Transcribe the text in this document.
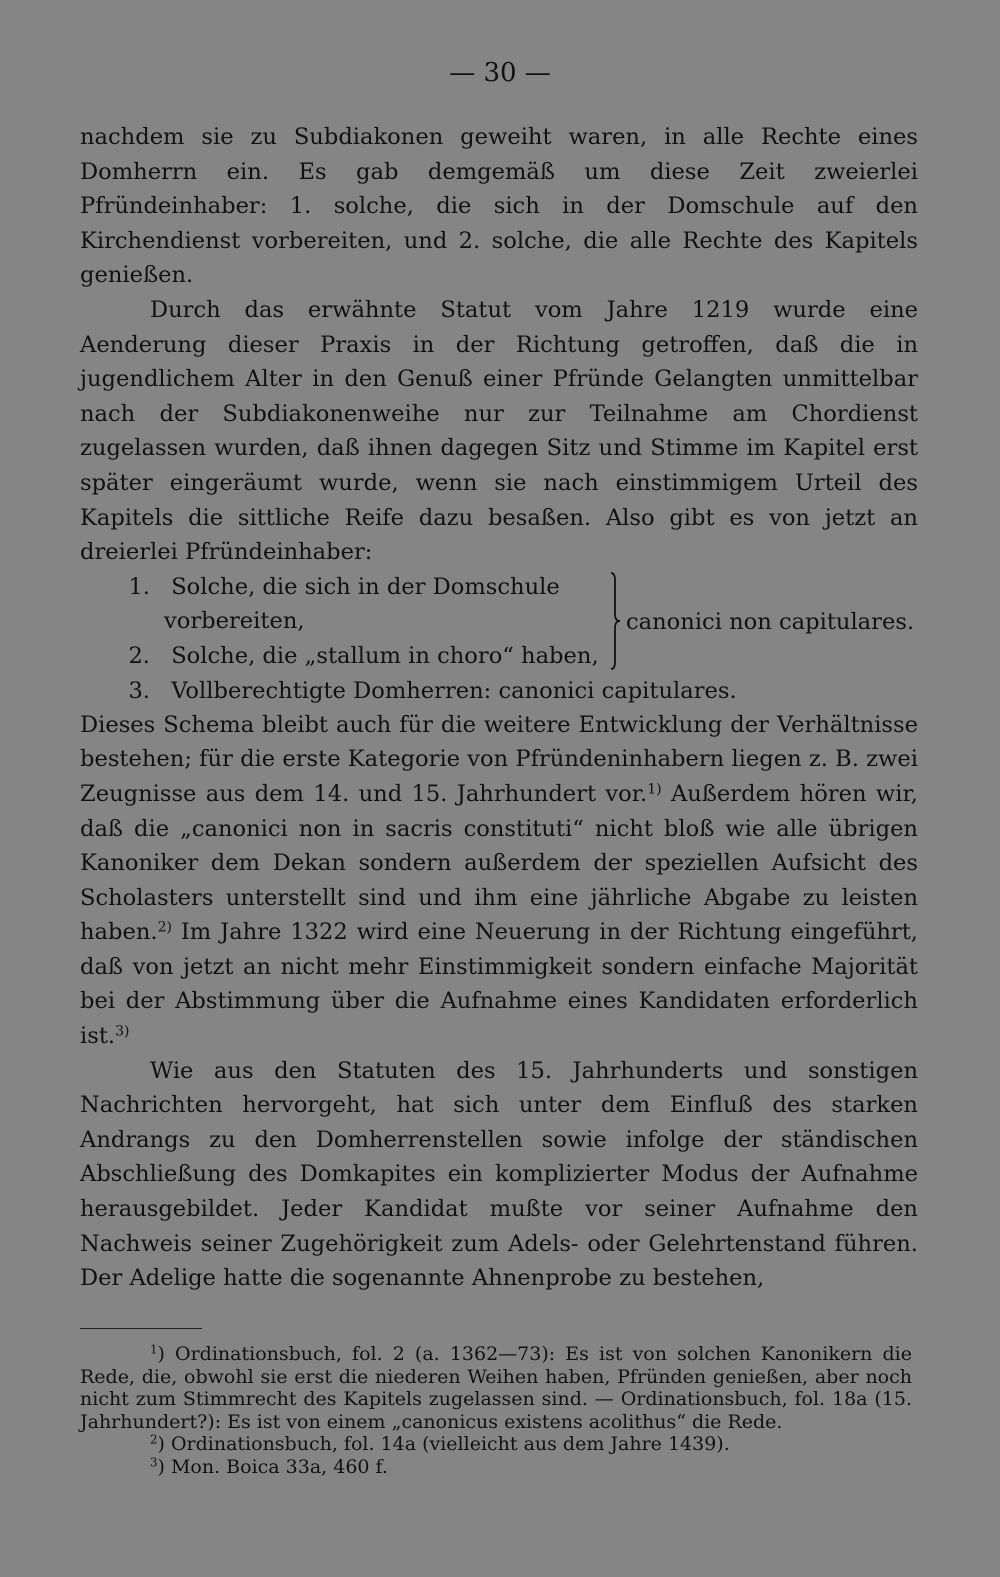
— 30 —

nachdem sie zu Subdiakonen geweiht waren, in alle Rechte eines Domherrn ein. Es gab demgemäß um diese Zeit zweierlei Pfründeinhaber: 1. solche, die sich in der Domschule auf den Kirchendienst vorbereiten, und 2. solche, die alle Rechte des Kapitels genießen.

Durch das erwähnte Statut vom Jahre 1219 wurde eine Aenderung dieser Praxis in der Richtung getroffen, daß die in jugendlichem Alter in den Genuß einer Pfründe Gelangten unmittelbar nach der Subdiakonenweihe nur zur Teilnahme am Chordienst zugelassen wurden, daß ihnen dagegen Sitz und Stimme im Kapitel erst später eingeräumt wurde, wenn sie nach einstimmigem Urteil des Kapitels die sittliche Reife dazu besaßen. Also gibt es von jetzt an dreierlei Pfründeinhaber:

1. Solche, die sich in der Domschule
vorbereiten,
2. Solche, die „stallum in choro“ haben,
canonici non capitulares.
3. Vollberechtigte Domherren: canonici capitulares.

Dieses Schema bleibt auch für die weitere Entwicklung der Verhältnisse bestehen; für die erste Kategorie von Pfründeninhabern liegen z. B. zwei Zeugnisse aus dem 14. und 15. Jahrhundert vor.$^{1)}$ Außerdem hören wir, daß die „canonici non in sacris constituti“ nicht bloß wie alle übrigen Kanoniker dem Dekan sondern außerdem der speziellen Aufsicht des Scholasters unterstellt sind und ihm eine jährliche Abgabe zu leisten haben.$^{2)}$ Im Jahre 1322 wird eine Neuerung in der Richtung eingeführt, daß von jetzt an nicht mehr Einstimmigkeit sondern einfache Majorität bei der Abstimmung über die Aufnahme eines Kandidaten erforderlich ist.$^{3)}$

Wie aus den Statuten des 15. Jahrhunderts und sonstigen Nachrichten hervorgeht, hat sich unter dem Einfluß des starken Andrangs zu den Domherrenstellen sowie infolge der ständischen Abschließung des Domkapites ein komplizierter Modus der Aufnahme herausgebildet. Jeder Kandidat mußte vor seiner Aufnahme den Nachweis seiner Zugehörigkeit zum Adels- oder Gelehrtenstand führen. Der Adelige hatte die sogenannte Ahnenprobe zu bestehen,

$^1$) Ordinationsbuch, fol. 2 (a. 1362—73): Es ist von solchen Kanonikern die Rede, die, obwohl sie erst die niederen Weihen haben, Pfründen genießen, aber noch nicht zum Stimmrecht des Kapitels zugelassen sind. — Ordinationsbuch, fol. 18a (15. Jahrhundert?): Es ist von einem „canonicus existens acolithus“ die Rede.

$^2$) Ordinationsbuch, fol. 14a (vielleicht aus dem Jahre 1439).

$^3$) Mon. Boica 33a, 460 f.
